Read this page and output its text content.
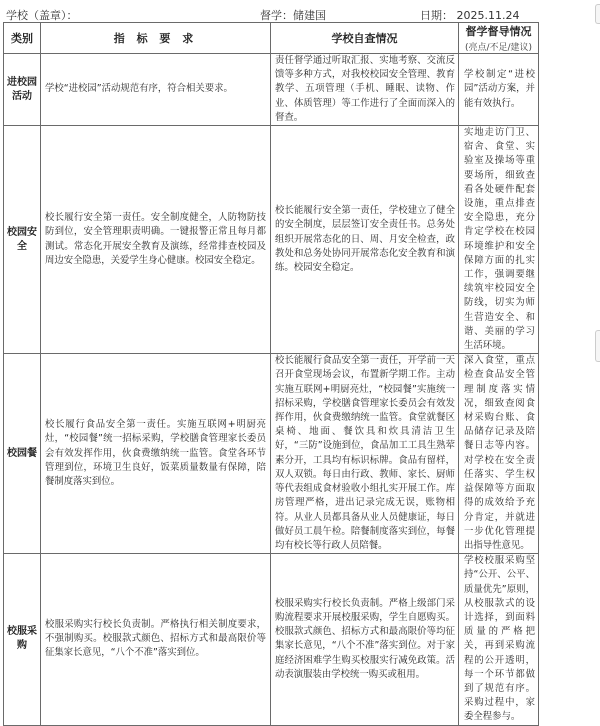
学校（盖章）：	督学：储建国	日期： 2025.11.24
类别	指 标 要 求	学校自查情况	督学督导情况
(亮点/不足/建议)

进校园活动	学校“进校园”活动规范有序，符合相关要求。	责任督学通过听取汇报、实地考察、交流反馈等多种方式，对我校校园安全管理、教育教学、五项管理（手机、睡眠、读物、作业、体质管理）等工作进行了全面而深入的督查。	学校制定“进校园”活动方案，并能有效执行。
校园安全	校长履行安全第一责任。安全制度健全，人防物防技防到位，安全管理职责明确。一键报警正常且每月都测试。常态化开展安全教育及演练，经常排查校园及周边安全隐患，关爱学生身心健康。校园安全稳定。	校长能履行安全第一责任，学校建立了健全的安全制度，层层签订安全责任书。总务处组织开展常态化的日、周、月安全检查，政教处和总务处协同开展常态化安全教育和演练。校园安全稳定。	实地走访门卫、宿舍、食堂、实验室及操场等重要场所，细致查看各处硬件配套设施，重点排查安全隐患，充分肯定学校在校园环境维护和安全保障方面的扎实工作，强调要继续筑牢校园安全防线，切实为师生营造安全、和谐、美丽的学习生活环境。
校园餐	校长履行食品安全第一责任。实施互联网+明厨亮灶，“校园餐”统一招标采购，学校膳食管理家长委员会有效发挥作用，伙食费缴纳统一监管。食堂各环节管理到位，环境卫生良好，饭菜质量数量有保障，陪餐制度落实到位。	校长能履行食品安全第一责任，开学前一天召开食堂现场会议，布置新学期工作。主动实施互联网+明厨亮灶，“校园餐”实施统一招标采购，学校膳食管理家长委员会有效发挥作用，伙食费缴纳统一监管。食堂就餐区桌椅、地面、餐饮具和炊具清洁卫生好，“三防”设施到位，食品加工工具生熟荤素分开，工具均有标识标牌。食品有留样，双人双锁。每日由行政、教师、家长、厨师等代表组成食材验收小组扎实开展工作。库房管理严格，进出记录完成无误，账物相符。从业人员都具备从业人员健康证，每日做好员工晨午检。陪餐制度落实到位，每餐均有校长等行政人员陪餐。	深入食堂，重点检查食品安全管理制度落实情况，细致查阅食材采购台账、食品储存记录及陪餐日志等内容。对学校在安全责任落实、学生权益保障等方面取得的成效给予充分肯定，并就进一步优化管理提出指导性意见。
校服采购	校服采购实行校长负责制。严格执行相关制度要求，不强制购买。校服款式颜色、招标方式和最高限价等征集家长意见，“八个不准”落实到位。	校服采购实行校长负责制。严格上级部门采购流程要求开展校服采购，学生自愿购买。校服款式颜色、招标方式和最高限价等均征集家长意见，“八个不准”落实到位。对于家庭经济困难学生购买校服实行减免政策。活动表演服装由学校统一购买或租用。	学校校服采购坚持“公开、公平、质量优先”原则，从校服款式的设计选择，到面料质量的严格把关，再到采购流程的公开透明，每一个环节都做到了规范有序。采购过程中，家委全程参与。
